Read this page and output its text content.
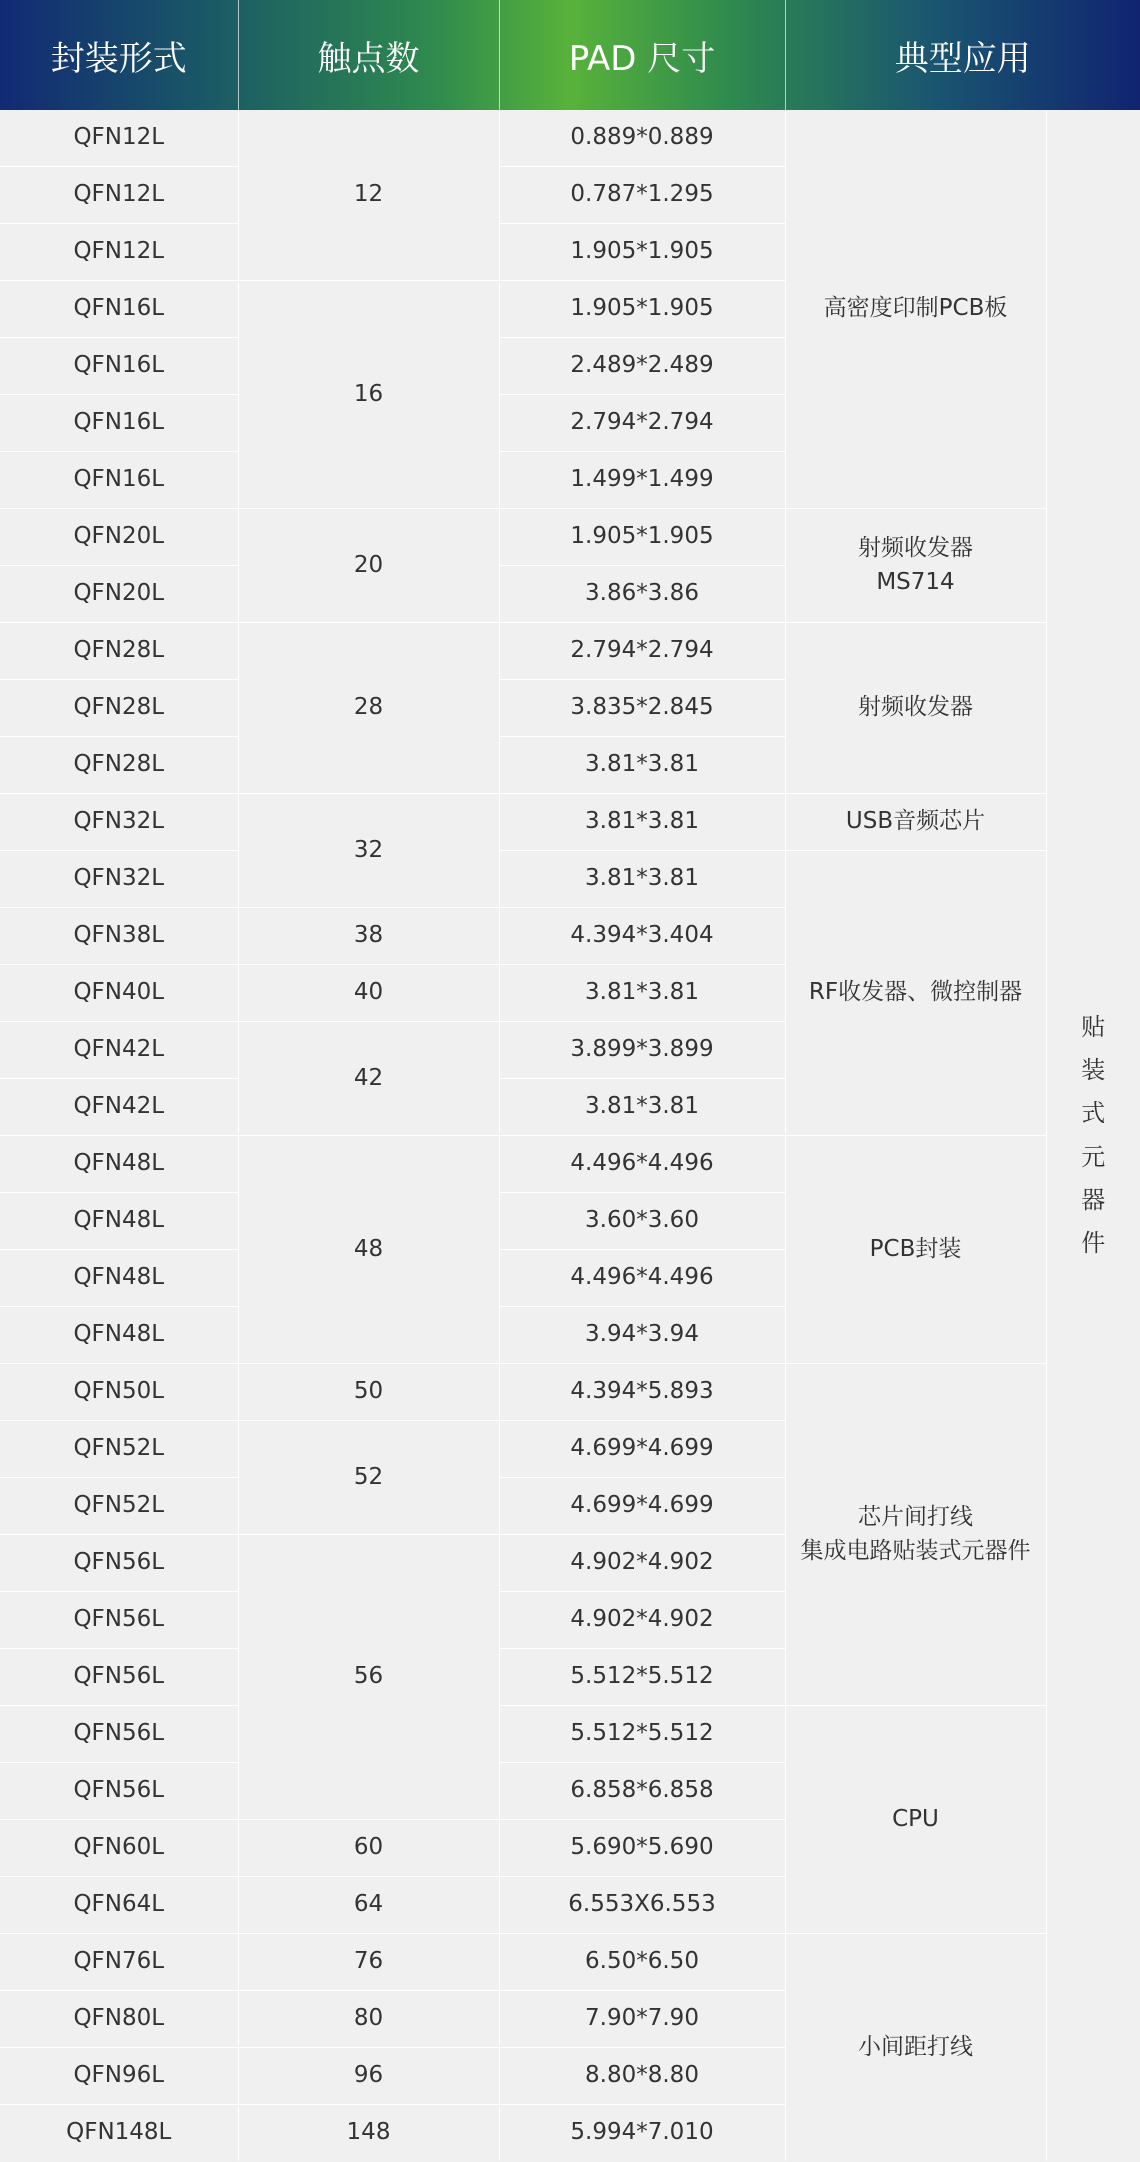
封装形式	触点数	PAD 尺寸	典型应用	
QFN12L	12	0.889*0.889	高密度印制PCB板	贴装式元器件
QFN12L		0.787*1.295		
QFN12L		1.905*1.905		
QFN16L	16	1.905*1.905		
QFN16L		2.489*2.489		
QFN16L		2.794*2.794		
QFN16L		1.499*1.499		
QFN20L	20	1.905*1.905	射频收发器
MS714	

QFN20L		3.86*3.86		
QFN28L	28	2.794*2.794	射频收发器	

QFN28L		3.835*2.845		
QFN28L		3.81*3.81		
QFN32L	32	3.81*3.81	USB音频芯片	

QFN32L		3.81*3.81	RF收发器、微控制器	

QFN38L	38	4.394*3.404		
QFN40L	40	3.81*3.81		
QFN42L	42	3.899*3.899		
QFN42L		3.81*3.81		
QFN48L	48	4.496*4.496	PCB封装	

QFN48L		3.60*3.60		
QFN48L		4.496*4.496		
QFN48L		3.94*3.94		
QFN50L	50	4.394*5.893	芯片间打线
集成电路贴装式元器件	

QFN52L	52	4.699*4.699		
QFN52L		4.699*4.699		
QFN56L	56	4.902*4.902		
QFN56L		4.902*4.902		
QFN56L		5.512*5.512		
QFN56L		5.512*5.512	CPU	

QFN56L		6.858*6.858		
QFN60L	60	5.690*5.690		
QFN64L	64	6.553X6.553		
QFN76L	76	6.50*6.50	小间距打线	

QFN80L	80	7.90*7.90		
QFN96L	96	8.80*8.80		
QFN148L	148	5.994*7.010		
